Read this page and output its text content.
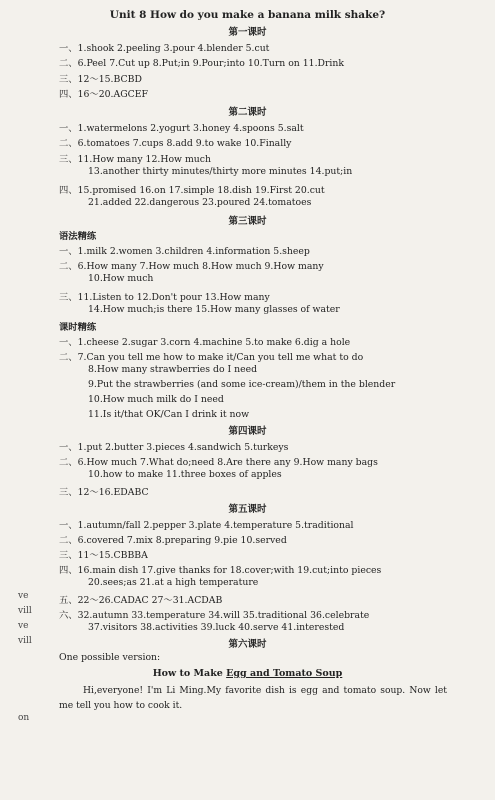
Unit 8 How do you make a banana milk shake?
第一课时
一、1.shook 2.peeling 3.pour 4.blender 5.cut
二、6.Peel 7.Cut up 8.Put;in 9.Pour;into 10.Turn on 11.Drink
三、12～15.BCBD
四、16～20.AGCEF
第二课时
一、1.watermelons 2.yogurt 3.honey 4.spoons 5.salt
二、6.tomatoes 7.cups 8.add 9.to wake 10.Finally
三、11.How many 12.How much
13.another thirty minutes/thirty more minutes 14.put;in
四、15.promised 16.on 17.simple 18.dish 19.First 20.cut
21.added 22.dangerous 23.poured 24.tomatoes
第三课时
语法精练
一、1.milk 2.women 3.children 4.information 5.sheep
二、6.How many 7.How much 8.How much 9.How many
10.How much
三、11.Listen to 12.Don't pour 13.How many
14.How much;is there 15.How many glasses of water
课时精练
一、1.cheese 2.sugar 3.corn 4.machine 5.to make 6.dig a hole
二、7.Can you tell me how to make it/Can you tell me what to do
8.How many strawberries do I need
9.Put the strawberries (and some ice-cream)/them in the blender
10.How much milk do I need
11.Is it/that OK/Can I drink it now
第四课时
一、1.put 2.butter 3.pieces 4.sandwich 5.turkeys
二、6.How much 7.What do;need 8.Are there any 9.How many bags
10.how to make 11.three boxes of apples
三、12～16.EDABC
第五课时
一、1.autumn/fall 2.pepper 3.plate 4.temperature 5.traditional
二、6.covered 7.mix 8.preparing 9.pie 10.served
三、11～15.CBBBA
四、16.main dish 17.give thanks for 18.cover;with 19.cut;into pieces
20.sees;as 21.at a high temperature
五、22～26.CADAC 27～31.ACDAB
六、32.autumn 33.temperature 34.will 35.traditional 36.celebrate
37.visitors 38.activities 39.luck 40.serve 41.interested
第六课时
One possible version:
How to Make Egg and Tomato Soup
Hi,everyone! I'm Li Ming.My favorite dish is egg and tomato soup. Now let me tell you how to cook it.
ve
vill
ve
vill
on
